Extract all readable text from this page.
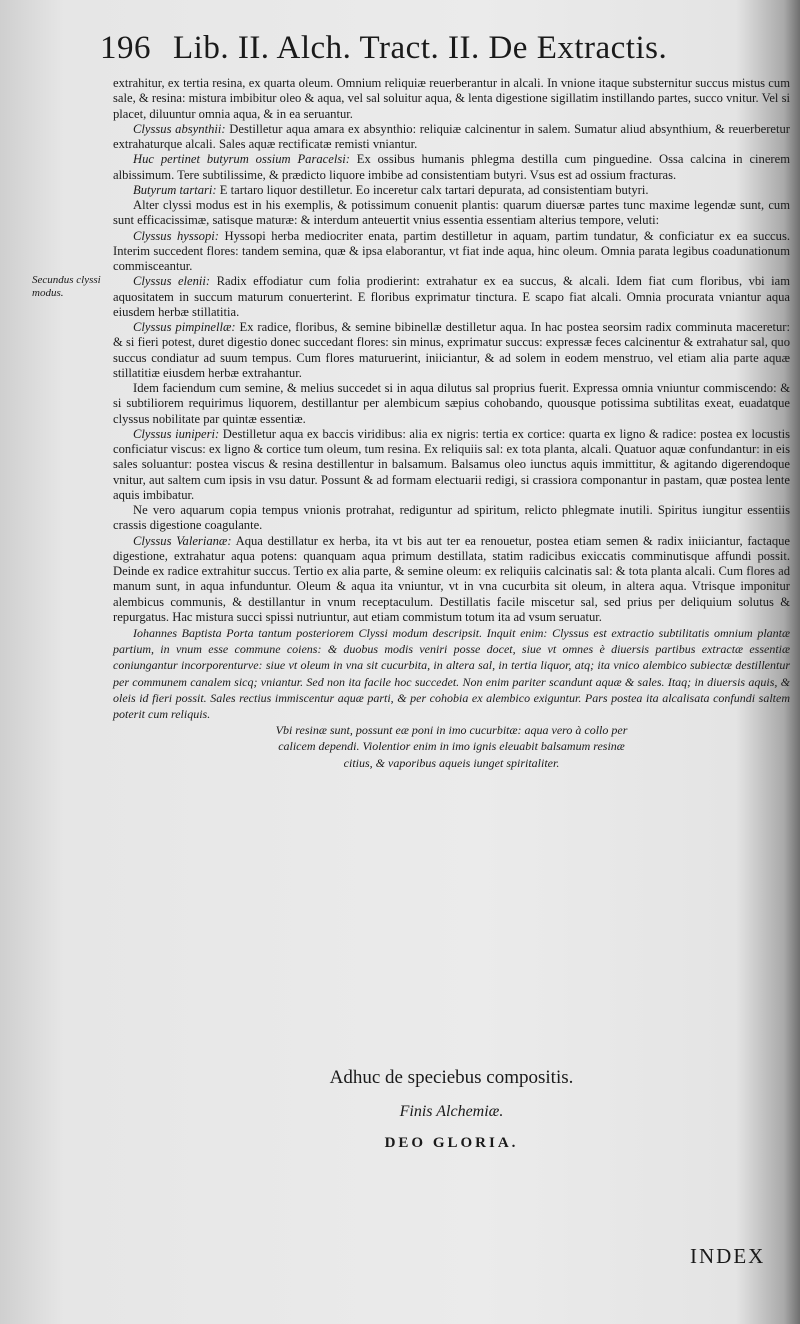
196 Lib. II. Alch. Tract. II. De Extractis.
Secundus clyssi modus.

extrahitur, ex tertia resina, ex quarta oleum. Omnium reliquiæ reuerberantur in alcali. In vnione itaque substernitur succus mistus cum sale, & resina: mistura imbibitur oleo & aqua, vel sal soluitur aqua, & lenta digestione sigillatim instillando partes, succo vnitur. Vel si placet, diluuntur omnia aqua, & in ea seruantur.

Clyssus absynthii: Destilletur aqua amara ex absynthio: reliquiæ calcinentur in salem. Sumatur aliud absynthium, & reuerberetur extrahaturque alcali. Sales aquæ rectificatæ remisti vniantur.

Huc pertinet butyrum ossium Paracelsi: Ex ossibus humanis phlegma destilla cum pinguedine. Ossa calcina in cinerem albissimum. Tere subtilissime, & prædicto liquore imbibe ad consistentiam butyri. Vsus est ad ossium fracturas.

Butyrum tartari: E tartaro liquor destilletur. Eo inceretur calx tartari depurata, ad consistentiam butyri.

Alter clyssi modus est in his exemplis, & potissimum conuenit plantis: quarum diuersæ partes tunc maxime legendæ sunt, cum sunt efficacissimæ, satisque maturæ: & interdum anteuertit vnius essentia essentiam alterius tempore, veluti:

Clyssus hyssopi: Hyssopi herba mediocriter enata, partim destilletur in aquam, partim tundatur, & conficiatur ex ea succus. Interim succedent flores: tandem semina, quæ & ipsa elaborantur, vt fiat inde aqua, hinc oleum. Omnia parata legibus coadunationum commisceantur.

Clyssus elenii: Radix effodiatur cum folia prodierint: extrahatur ex ea succus, & alcali. Idem fiat cum floribus, vbi iam aquositatem in succum maturum conuerterint. E floribus exprimatur tinctura. E scapo fiat alcali. Omnia procurata vniantur aqua eiusdem herbæ stillatitia.

Clyssus pimpinellæ: Ex radice, floribus, & semine bibinellæ destilletur aqua. In hac postea seorsim radix comminuta maceretur: & si fieri potest, duret digestio donec succedant flores: sin minus, exprimatur succus: expressæ feces calcinentur & extrahatur sal, quo succus condiatur ad suum tempus. Cum flores maturuerint, iniiciantur, & ad solem in eodem menstruo, vel etiam alia parte aquæ stillatitiæ eiusdem herbæ extrahantur.

Idem faciendum cum semine, & melius succedet si in aqua dilutus sal proprius fuerit. Expressa omnia vniuntur commiscendo: & si subtiliorem requirimus liquorem, destillantur per alembicum sæpius cohobando, quousque potissima subtilitas exeat, euadatque clyssus nobilitate par quintæ essentiæ.

Clyssus iuniperi: Destilletur aqua ex baccis viridibus: alia ex nigris: tertia ex cortice: quarta ex ligno & radice: postea ex locustis conficiatur viscus: ex ligno & cortice tum oleum, tum resina. Ex reliquiis sal: ex tota planta, alcali. Quatuor aquæ confundantur: in eis sales soluantur: postea viscus & resina destillentur in balsamum. Balsamus oleo iunctus aquis immittitur, & agitando digerendoque vnitur, aut saltem cum ipsis in vsu datur. Possunt & ad formam electuarii redigi, si crassiora componantur in pastam, quæ postea lente aquis imbibatur.

Ne vero aquarum copia tempus vnionis protrahat, rediguntur ad spiritum, relicto phlegmate inutili. Spiritus iungitur essentiis crassis digestione coagulante.

Clyssus Valerianæ: Aqua destillatur ex herba, ita vt bis aut ter ea renouetur, postea etiam semen & radix iniiciantur, factaque digestione, extrahatur aqua potens: quanquam aqua primum destillata, statim radicibus exiccatis comminutisque affundi possit. Deinde ex radice extrahitur succus. Tertio ex alia parte, & semine oleum: ex reliquiis calcinatis sal: & tota planta alcali. Cum flores ad manum sunt, in aqua infunduntur. Oleum & aqua ita vniuntur, vt in vna cucurbita sit oleum, in altera aqua. Vtrisque imponitur alembicus communis, & destillantur in vnum receptaculum. Destillatis facile miscetur sal, sed prius per deliquium solutus & repurgatus. Hac mistura succi spissi nutriuntur, aut etiam commistum totum ita ad vsum seruatur.

Iohannes Baptista Porta tantum posteriorem Clyssi modum descripsit. Inquit enim: Clyssus est extractio subtilitatis omnium plantæ partium, in vnum esse commune coiens: & duobus modis veniri posse docet, siue vt omnes è diuersis partibus extractæ essentiæ coniungantur incorporenturve: siue vt oleum in vna sit cucurbita, in altera sal, in tertia liquor, atq; ita vnico alembico subiectæ destillentur per communem canalem sicq; vniantur. Sed non ita facile hoc succedet. Non enim pariter scandunt aquæ & sales. Itaq; in diuersis aquis, & oleis id fieri possit. Sales rectius immiscentur aquæ parti, & per cohobia ex alembico exiguntur. Pars postea ita alcalisata confundi saltem poterit cum reliquis.

Vbi resinæ sunt, possunt eæ poni in imo cucurbitæ: aqua vero à collo per calicem dependi. Violentior enim in imo ignis eleuabit balsamum resinæ citius, & vaporibus aqueis iunget spiritaliter.

Adhuc de speciebus compositis.
Finis Alchemiæ.
DEO GLORIA.
INDEX
